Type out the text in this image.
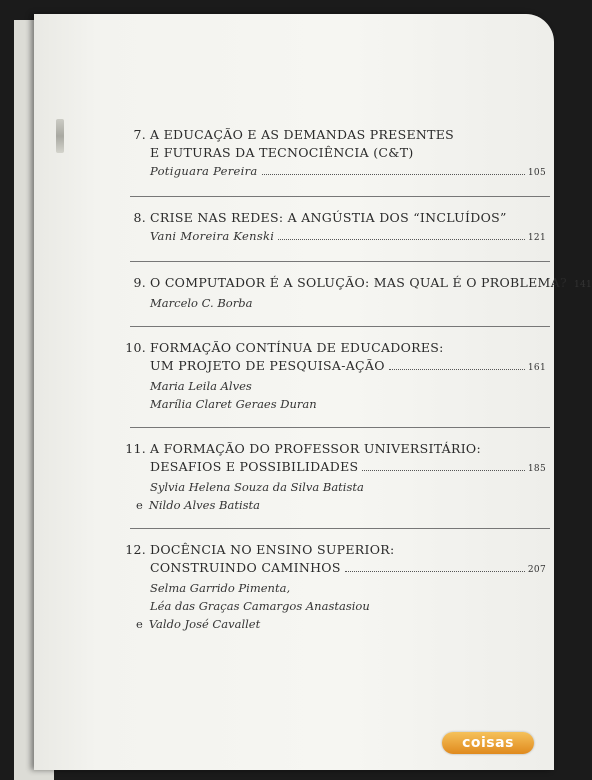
7. A EDUCAÇÃO E AS DEMANDAS PRESENTES
E FUTURAS DA TECNOCIÊNCIA (C&T)
Potiguara Pereira	105
8. CRISE NAS REDES: A ANGÚSTIA DOS “INCLUÍDOS”
Vani Moreira Kenski	121
9. O COMPUTADOR É A SOLUÇÃO: MAS QUAL É O PROBLEMA? 141
Marcelo C. Borba
10. FORMAÇÃO CONTÍNUA DE EDUCADORES:
UM PROJETO DE PESQUISA-AÇÃO	161
Maria Leila Alves
Marília Claret Geraes Duran
11. A FORMAÇÃO DO PROFESSOR UNIVERSITÁRIO:
DESAFIOS E POSSIBILIDADES	185
Sylvia Helena Souza da Silva Batista
e Nildo Alves Batista
12. DOCÊNCIA NO ENSINO SUPERIOR:
CONSTRUINDO CAMINHOS	207
Selma Garrido Pimenta,
Léa das Graças Camargos Anastasiou
e Valdo José Cavallet
coisas
